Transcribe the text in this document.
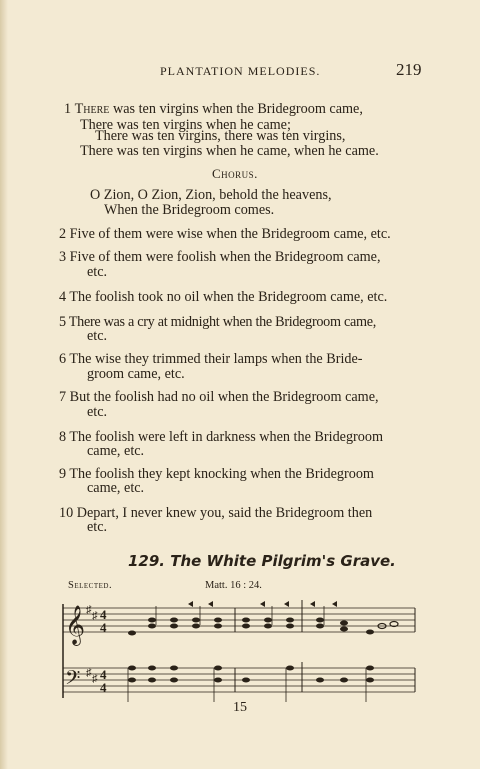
PLANTATION MELODIES.	219
1 There was ten virgins when the Bridegroom came,
There was ten virgins when he came;
There was ten virgins, there was ten virgins,
There was ten virgins when he came, when he came.
Chorus.
O Zion, O Zion, Zion, behold the heavens,
When the Bridegroom comes.
2 Five of them were wise when the Bridegroom came, etc.
3 Five of them were foolish when the Bridegroom came,
etc.
4 The foolish took no oil when the Bridegroom came, etc.
5 There was a cry at midnight when the Bridegroom came,
etc.
6 The wise they trimmed their lamps when the Bride-
groom came, etc.
7 But the foolish had no oil when the Bridegroom came,
etc.
8 The foolish were left in darkness when the Bridegroom
came, etc.
9 The foolish they kept knocking when the Bridegroom
came, etc.
10 Depart, I never knew you, said the Bridegroom then
etc.
129. The White Pilgrim's Grave.
Selected.	Matt. 16 : 24.
𝄞
𝄢
♯ ♯
♯ ♯
4
4
4
4
15
